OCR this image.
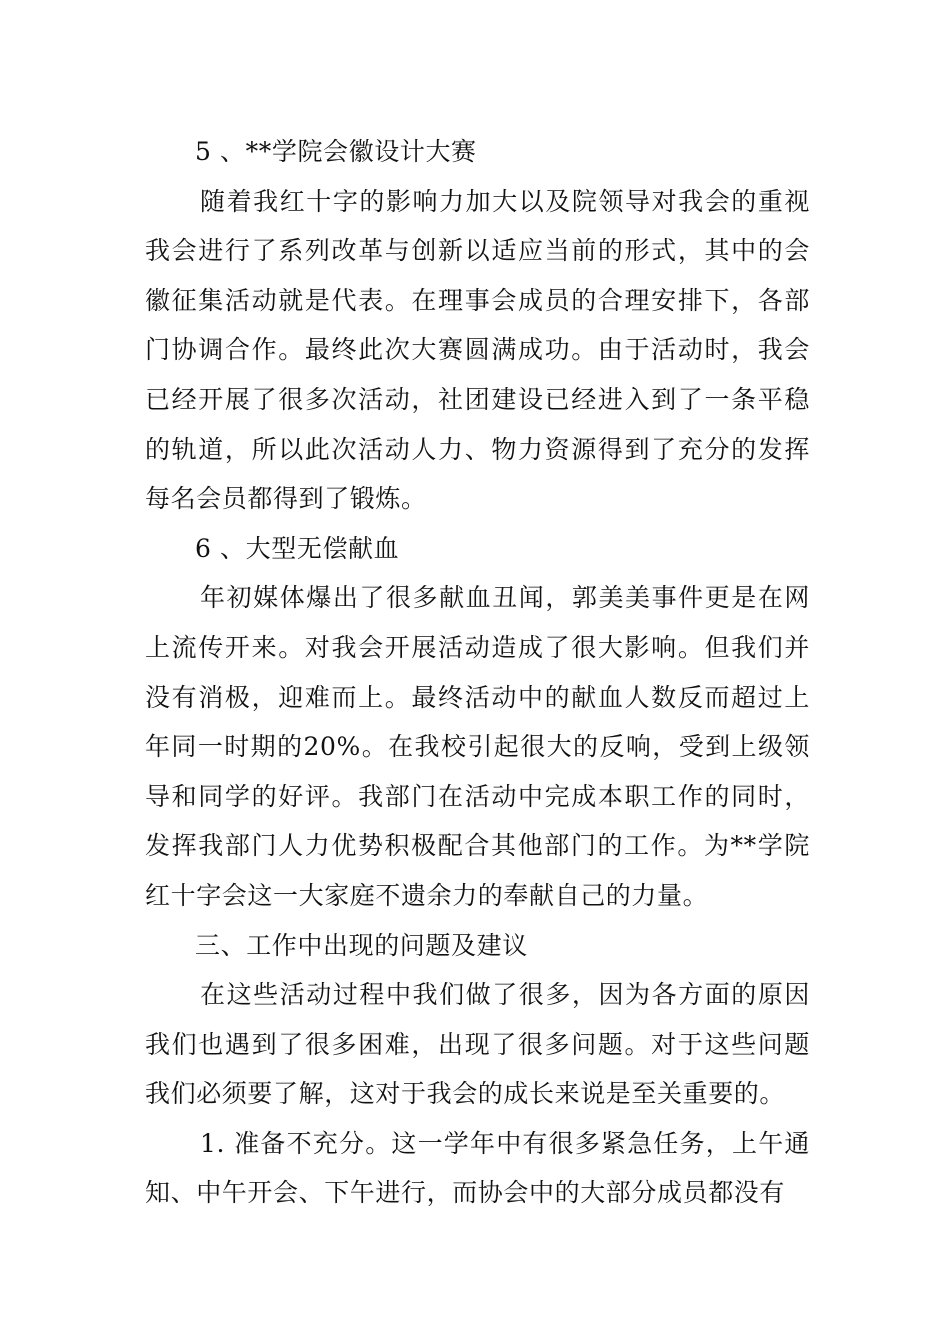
5 、**学院会徽设计大赛

随着我红十字的影响力加大以及院领导对我会的重视我会进行了系列改革与创新以适应当前的形式，其中的会徽征集活动就是代表。在理事会成员的合理安排下，各部门协调合作。最终此次大赛圆满成功。由于活动时，我会已经开展了很多次活动，社团建设已经进入到了一条平稳的轨道，所以此次活动人力、物力资源得到了充分的发挥每名会员都得到了锻炼。

6 、大型无偿献血

年初媒体爆出了很多献血丑闻，郭美美事件更是在网上流传开来。对我会开展活动造成了很大影响。但我们并没有消极，迎难而上。最终活动中的献血人数反而超过上年同一时期的20%。在我校引起很大的反响，受到上级领导和同学的好评。我部门在活动中完成本职工作的同时，发挥我部门人力优势积极配合其他部门的工作。为**学院红十字会这一大家庭不遗余力的奉献自己的力量。

三、工作中出现的问题及建议

在这些活动过程中我们做了很多，因为各方面的原因我们也遇到了很多困难，出现了很多问题。对于这些问题我们必须要了解，这对于我会的成长来说是至关重要的。

1. 准备不充分。这一学年中有很多紧急任务，上午通知、中午开会、下午进行，而协会中的大部分成员都没有
